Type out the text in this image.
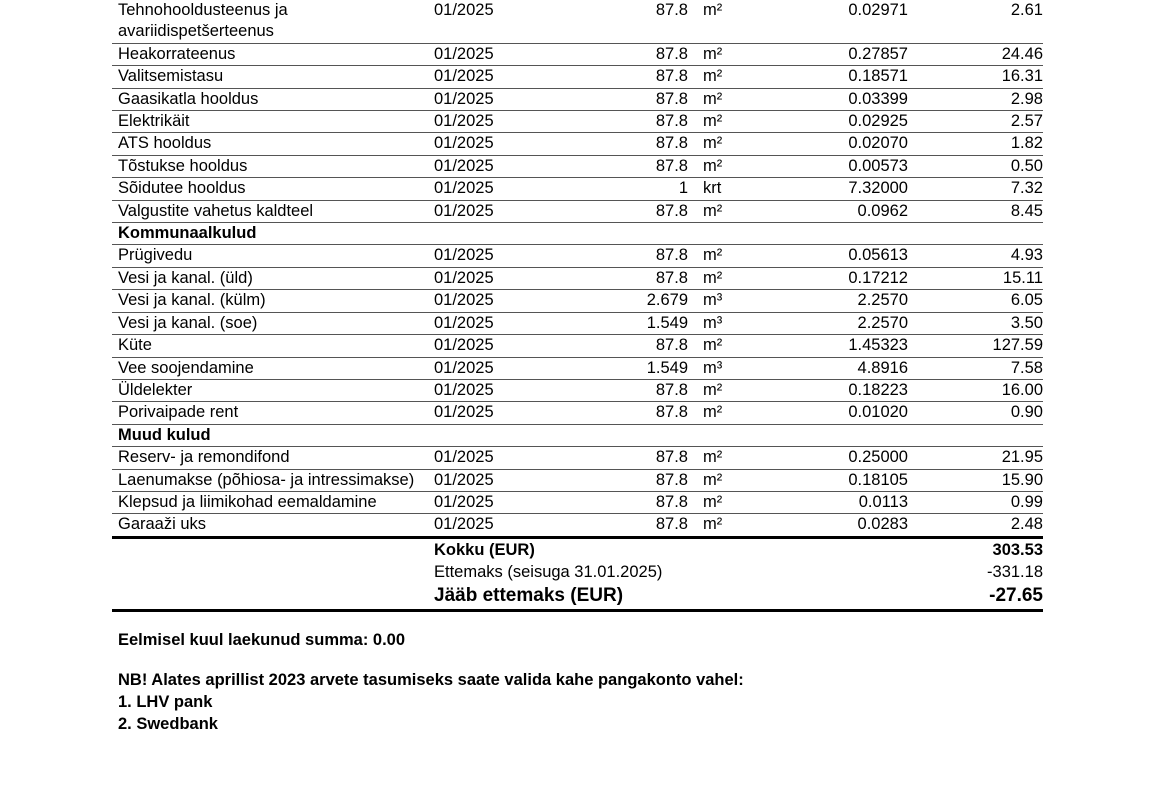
Tehnohooldusteenus ja avariidispetšerteenus	01/2025	87.8	m²	0.02971	2.61
Heakorrateenus	01/2025	87.8	m²	0.27857	24.46
Valitsemistasu	01/2025	87.8	m²	0.18571	16.31
Gaasikatla hooldus	01/2025	87.8	m²	0.03399	2.98
Elektrikäit	01/2025	87.8	m²	0.02925	2.57
ATS hooldus	01/2025	87.8	m²	0.02070	1.82
Tõstukse hooldus	01/2025	87.8	m²	0.00573	0.50
Sõidutee hooldus	01/2025	1	krt	7.32000	7.32
Valgustite vahetus kaldteel	01/2025	87.8	m²	0.0962	8.45
Kommunaalkulud					
Prügivedu	01/2025	87.8	m²	0.05613	4.93
Vesi ja kanal. (üld)	01/2025	87.8	m²	0.17212	15.11
Vesi ja kanal. (külm)	01/2025	2.679	m³	2.2570	6.05
Vesi ja kanal. (soe)	01/2025	1.549	m³	2.2570	3.50
Küte	01/2025	87.8	m²	1.45323	127.59
Vee soojendamine	01/2025	1.549	m³	4.8916	7.58
Üldelekter	01/2025	87.8	m²	0.18223	16.00
Porivaipade rent	01/2025	87.8	m²	0.01020	0.90
Muud kulud					
Reserv- ja remondifond	01/2025	87.8	m²	0.25000	21.95
Laenumakse (põhiosa- ja intressimakse)	01/2025	87.8	m²	0.18105	15.90
Klepsud ja liimikohad eemaldamine	01/2025	87.8	m²	0.0113	0.99
Garaaži uks	01/2025	87.8	m²	0.0283	2.48
	Kokku (EUR)				303.53
	Ettemaks (seisuga 31.01.2025)				-331.18
	Jääb ettemaks (EUR)				-27.65
Eelmisel kuul laekunud summa: 0.00
NB! Alates aprillist 2023 arvete tasumiseks saate valida kahe pangakonto vahel:
1. LHV pank
2. Swedbank
